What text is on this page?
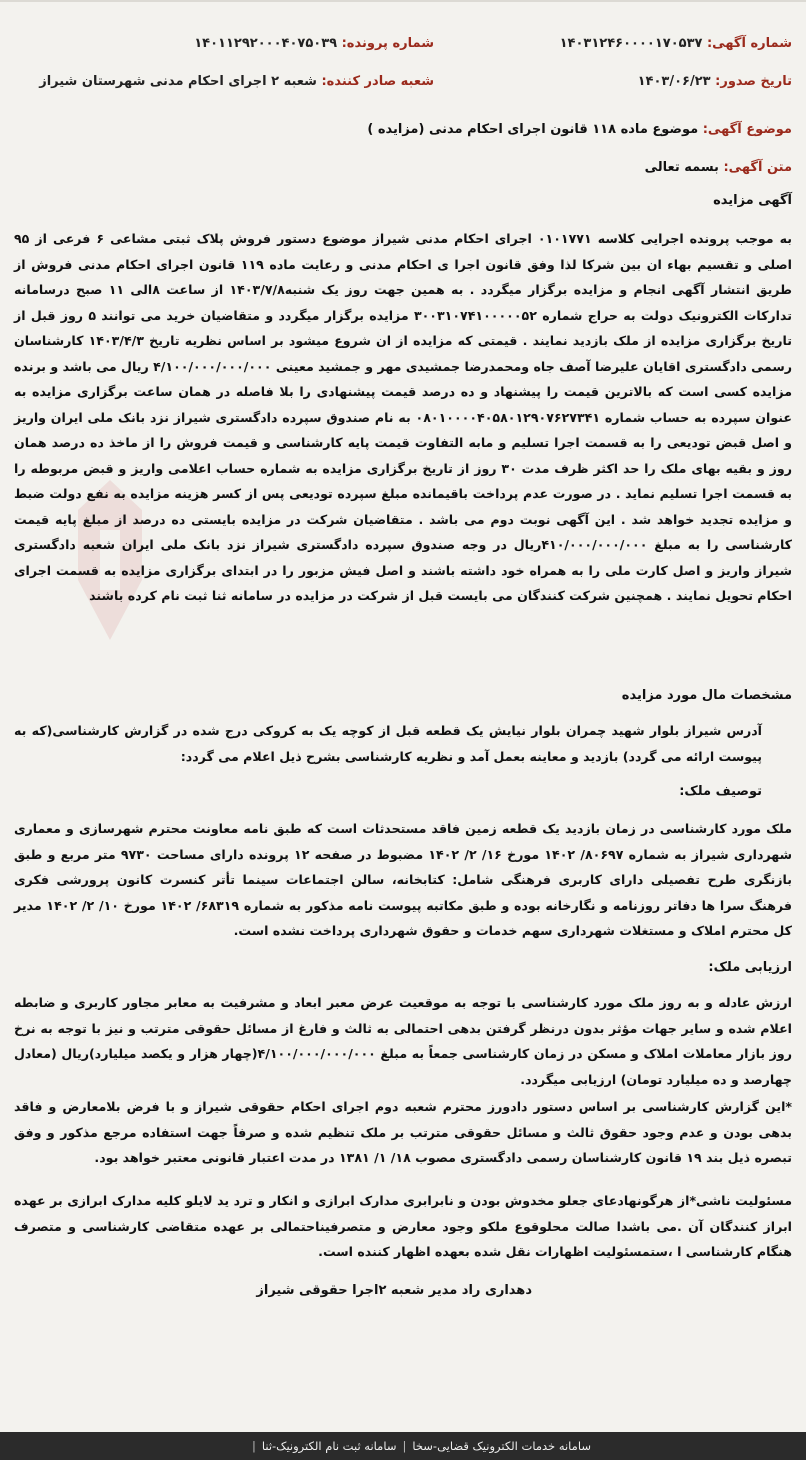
شماره آگهی: ۱۴۰۳۱۲۴۶۰۰۰۰۱۷۰۵۳۷
شماره پرونده: ۱۴۰۱۱۲۹۲۰۰۰۴۰۷۵۰۳۹
تاریخ صدور: ۱۴۰۳/۰۶/۲۳
شعبه صادر کننده: شعبه ۲ اجرای احکام مدنی شهرستان شیراز
موضوع آگهی: موضوع ماده ۱۱۸ قانون اجرای احکام مدنی (مزایده )
متن آگهی: بسمه تعالی
آگهی مزایده
به موجب پرونده اجرایی کلاسه ۰۱۰۱۷۷۱ اجرای احکام مدنی شیراز موضوع دستور فروش پلاک ثبتی مشاعی ۶ فرعی از ۹۵ اصلی و تقسیم بهاء ان بین شرکا لذا وفق قانون اجرا ی احکام مدنی و رعایت ماده ۱۱۹ قانون اجرای احکام مدنی فروش از طریق انتشار آگهی انجام و مزایده برگزار میگردد . به همین جهت روز یک شنبه۱۴۰۳/۷/۸ از ساعت ۸الی ۱۱ صبح درسامانه تدارکات الکترونیک دولت به حراج شماره ۳۰۰۳۱۰۷۴۱۰۰۰۰۰۵۲ مزایده برگزار میگردد و متقاضیان خرید می توانند ۵ روز قبل از تاریخ برگزاری مزایده از ملک بازدید نمایند . قیمتی که مزایده از ان شروع میشود بر اساس نظریه تاریخ ۱۴۰۳/۴/۳ کارشناسان رسمی دادگستری اقایان علیرضا آصف جاه ومحمدرضا جمشیدی مهر و جمشید معینی ۴/۱۰۰/۰۰۰/۰۰۰/۰۰۰ ریال می باشد و برنده مزایده کسی است که بالاترین قیمت را پیشنهاد و ده درصد قیمت پیشنهادی را بلا فاصله در همان ساعت برگزاری مزایده به عنوان سپرده به حساب شماره ۰۸۰۱۰۰۰۰۴۰۵۸۰۱۲۹۰۷۶۲۷۳۴۱ به نام صندوق سپرده دادگستری شیراز نزد بانک ملی ایران واریز و اصل قبض تودیعی را به قسمت اجرا تسلیم و مابه التفاوت قیمت پایه کارشناسی و قیمت فروش را از ماخذ ده درصد همان روز و بقیه بهای ملک را حد اکثر ظرف مدت ۳۰ روز از تاریخ برگزاری مزایده به شماره حساب اعلامی واریز و قبض مربوطه را به قسمت اجرا تسلیم نماید . در صورت عدم پرداخت باقیمانده مبلغ سپرده تودیعی پس از کسر هزینه مزایده به نفع دولت ضبط و مزایده تجدید خواهد شد . این آگهی نوبت دوم می باشد . متقاضیان شرکت در مزایده بایستی ده درصد از مبلغ پایه قیمت کارشناسی را به مبلغ ۴۱۰/۰۰۰/۰۰۰/۰۰۰ریال در وجه صندوق سپرده دادگستری شیراز نزد بانک ملی ایران شعبه دادگستری شیراز واریز و اصل کارت ملی را به همراه خود داشته باشند و اصل فیش مزبور را در ابتدای برگزاری مزایده به قسمت اجرای احکام تحویل نمایند . همچنین شرکت کنندگان می بایست قبل از شرکت در مزایده در سامانه ثنا ثبت نام کرده باشند
مشخصات مال مورد مزایده
آدرس شیراز بلوار شهید چمران بلوار نیایش یک قطعه قبل از کوچه یک به کروکی درج شده در گزارش کارشناسی(که به پیوست ارائه می گردد) بازدید و معاینه بعمل آمد و نظریه کارشناسی بشرح ذیل اعلام می گردد:
توصیف ملک:
ملک مورد کارشناسی در زمان بازدید یک قطعه زمین فاقد مستحدثات است که طبق نامه معاونت محترم شهرسازی و معماری شهرداری شیراز به شماره ۸۰۶۹۷/ ۱۴۰۲ مورخ ۱۶/ ۲/ ۱۴۰۲ مضبوط در صفحه ۱۲ پرونده دارای مساحت ۹۷۳۰ متر مربع و طبق بازنگری طرح تفصیلی دارای کاربری فرهنگی شامل: کتابخانه، سالن اجتماعات سینما تأتر کنسرت کانون پرورشی فکری فرهنگ سرا ها دفاتر روزنامه و نگارخانه بوده و طبق مکاتبه پیوست نامه مذکور به شماره ۶۸۳۱۹/ ۱۴۰۲ مورخ ۱۰/ ۲/ ۱۴۰۲ مدیر کل محترم املاک و مستغلات شهرداری سهم خدمات و حقوق شهرداری پرداخت نشده است.
ارزیابی ملک:
ارزش عادله و به روز ملک مورد کارشناسی با توجه به موقعیت عرض معبر ابعاد و مشرفیت به معابر مجاور کاربری و ضابطه اعلام شده و سایر جهات مؤثر بدون درنظر گرفتن بدهی احتمالی به ثالث و فارغ از مسائل حقوقی مترتب و نیز با توجه به نرخ روز بازار معاملات املاک و مسکن در زمان کارشناسی جمعاً به مبلغ ۴/۱۰۰/۰۰۰/۰۰۰/۰۰۰(چهار هزار و یکصد میلیارد)ریال (معادل چهارصد و ده میلیارد تومان) ارزیابی میگردد.
*این گزارش کارشناسی بر اساس دستور دادورز محترم شعبه دوم اجرای احکام حقوقی شیراز و با فرض بلامعارض و فاقد بدهی بودن و عدم وجود حقوق ثالث و مسائل حقوقی مترتب بر ملک تنظیم شده و صرفاً جهت استفاده مرجع مذکور و وفق تبصره ذیل بند ۱۹ قانون کارشناسان رسمی دادگستری مصوب ۱۸/ ۱/ ۱۳۸۱ در مدت اعتبار قانونی معتبر خواهد بود.
مسئولیت ناشی*از هرگونهادعای جعلو مخدوش بودن و نابرابری مدارک ابرازی و انکار و ترد ید لایلو کلیه مدارک ابرازی بر عهده ابراز کنندگان آن .می باشدا صالت محلوقوع ملکو وجود معارض و متصرفیناحتمالی بر عهده متقاضی کارشناسی و متصرف هنگام کارشناسی ا ،ستمسئولیت اظهارات نقل شده بعهده اظهار کننده است.
دهداری راد مدیر شعبه ۲اجرا حقوقی شیراز
سامانه خدمات الکترونیک قضایی-سخا|سامانه ثبت نام الکترونیک-ثنا|
